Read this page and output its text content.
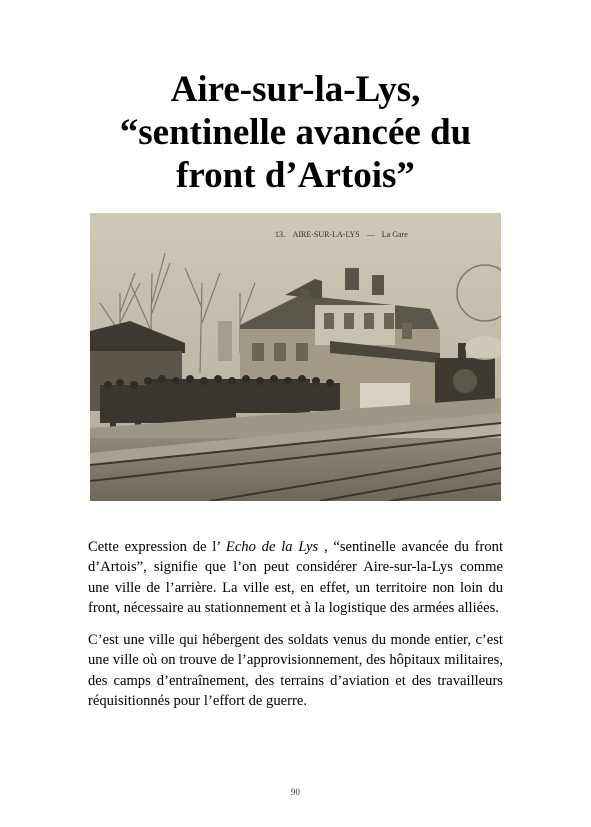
Aire-sur-la-Lys,
“sentinelle avancée du
front d’Artois”
13. AIRE-SUR-LA-LYS — La Gare

Cette expression de l’ Echo de la Lys , “sentinelle avancée du front d’Artois”, signifie que l’on peut considérer Aire-sur-la-Lys comme une ville de l’arrière. La ville est, en effet, un territoire non loin du front, nécessaire au stationnement et à la logistique des armées alliées.

C’est une ville qui hébergent des soldats venus du monde entier, c’est une ville où on trouve de l’approvisionnement, des hôpitaux militaires, des camps d’entraînement, des terrains d’aviation et des travailleurs réquisitionnés pour l’effort de guerre.

90
